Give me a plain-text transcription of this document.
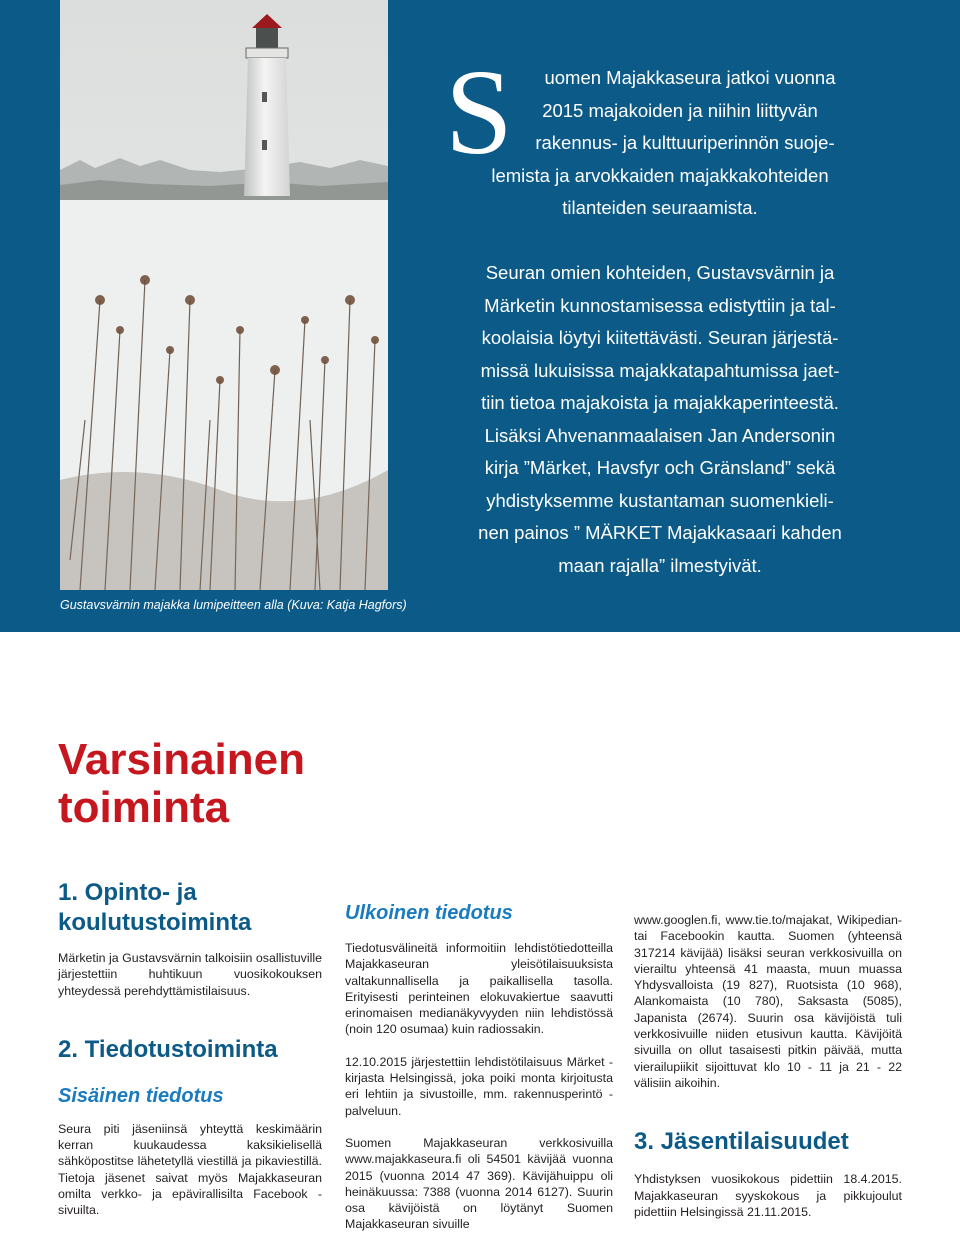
Gustavsvärnin majakka lumipeitteen alla (Kuva: Katja Hagfors)
S	uomen Majakkaseura jatkoi vuonna
2015 majakoiden ja niihin liittyvän
rakennus- ja kulttuuriperinnön suoje-
lemista ja arvokkaiden majakkakohteiden
tilanteiden seuraamista.

Seuran omien kohteiden, Gustavsvärnin ja
Märketin kunnostamisessa edistyttiin ja tal-
koolaisia löytyi kiitettävästi. Seuran järjestä-
missä lukuisissa majakkatapahtumissa jaet-
tiin tietoa majakoista ja majakkaperinteestä.
Lisäksi Ahvenanmaalaisen Jan Andersonin
kirja ”Märket, Havsfyr och Gränsland” sekä
yhdistyksemme kustantaman suomenkieli-
nen painos ” MÄRKET Majakkasaari kahden
maan rajalla” ilmestyivät.
Varsinainen toiminta
1. Opinto- ja koulutustoiminta

Märketin ja Gustavsvärnin talkoisiin osallistuville järjestettiin huhtikuun vuosikokouksen yhteydessä perehdyttämistilaisuus.

2. Tiedotustoiminta
Sisäinen tiedotus

Seura piti jäseniinsä yhteyttä keskimäärin kerran kuukaudessa kaksikielisellä sähköpostitse lähetetyllä viestillä ja pikaviestillä. Tietoja jäsenet saivat myös Majakkaseuran omilta verkko- ja epävirallisilta Facebook -sivuilta.

Ulkoinen tiedotus

Tiedotusvälineitä informoitiin lehdistötiedotteilla Majakkaseuran yleisötilaisuuksista valtakunnallisella ja paikallisella tasolla. Erityisesti perinteinen elokuvakiertue saavutti erinomaisen medianäkyvyyden niin lehdistössä (noin 120 osumaa) kuin radiossakin.

12.10.2015 järjestettiin lehdistötilaisuus Märket -kirjasta Helsingissä, joka poiki monta kirjoitusta eri lehtiin ja sivustoille, mm. rakennusperintö -palveluun.

Suomen Majakkaseuran verkkosivuilla www.majakkaseura.fi oli 54501 kävijää vuonna 2015 (vuonna 2014 47 369). Kävijähuippu oli heinäkuussa: 7388 (vuonna 2014 6127). Suurin osa kävijöistä on löytänyt Suomen Majakkaseuran sivuille

www.googlen.fi, www.tie.to/majakat, Wikipedian- tai Facebookin kautta. Suomen (yhteensä 317214 kävijää) lisäksi seuran verkkosivuilla on vierailtu yhteensä 41 maasta, muun muassa Yhdysvalloista (19 827), Ruotsista (10 968), Alankomaista (10 780), Saksasta (5085), Japanista (2674). Suurin osa kävijöistä tuli verkkosivuille niiden etusivun kautta. Kävijöitä sivuilla on ollut tasaisesti pitkin päivää, mutta vierailupiikit sijoittuvat klo 10 - 11 ja 21 - 22 välisiin aikoihin.

3. Jäsentilaisuudet

Yhdistyksen vuosikokous pidettiin 18.4.2015. Majakkaseuran syyskokous ja pikkujoulut pidettiin Helsingissä 21.11.2015.
